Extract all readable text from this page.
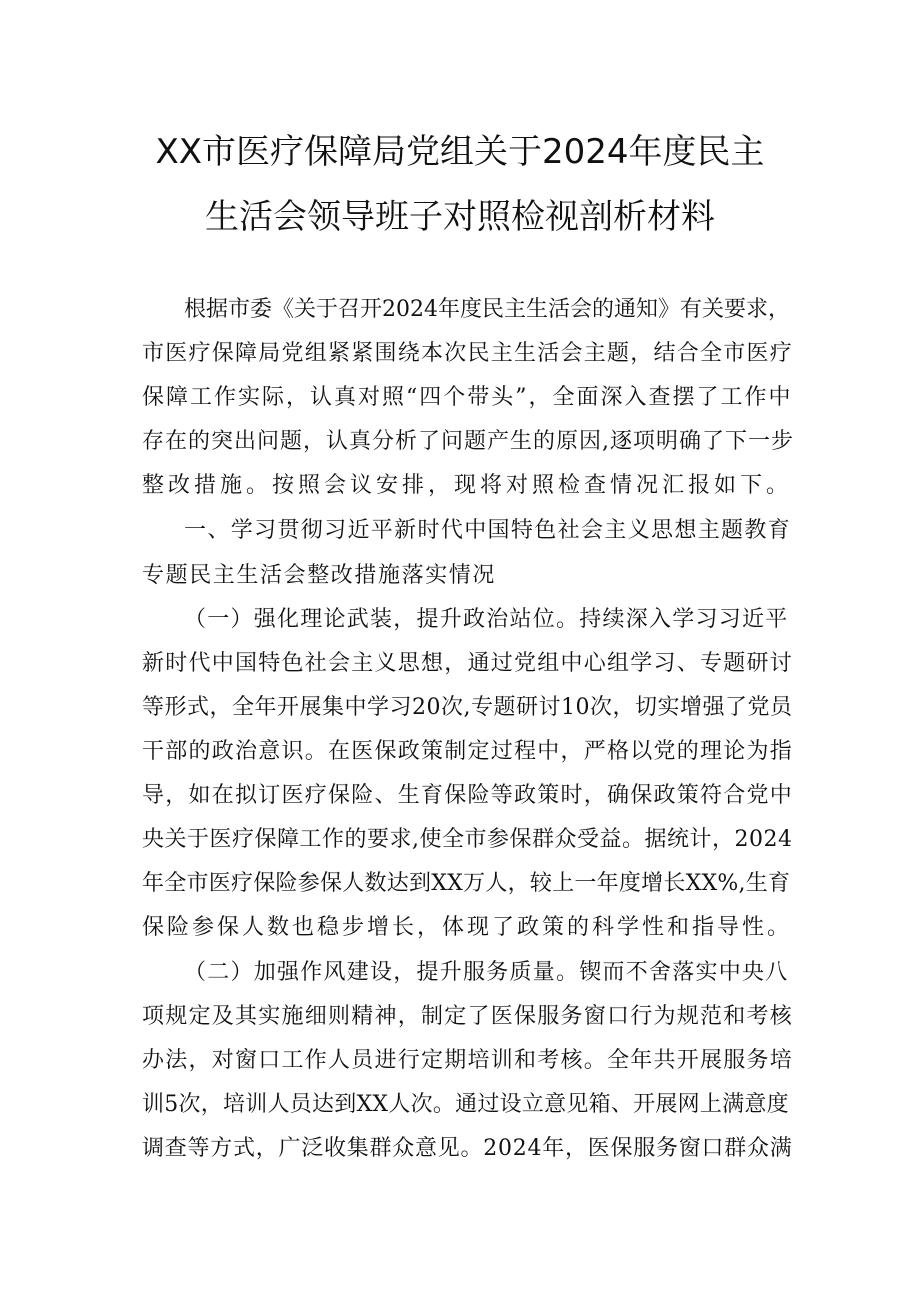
XX市医疗保障局党组关于2024年度民主
生活会领导班子对照检视剖析材料
根据市委《关于召开2024年度民主生活会的通知》有关要求，
市医疗保障局党组紧紧围绕本次民主生活会主题，结合全市医疗
保障工作实际，认真对照“四个带头”，全面深入查摆了工作中
存在的突出问题，认真分析了问题产生的原因,逐项明确了下一步
整改措施。按照会议安排，现将对照检查情况汇报如下。
一、学习贯彻习近平新时代中国特色社会主义思想主题教育
专题民主生活会整改措施落实情况
（一）强化理论武装，提升政治站位。持续深入学习习近平
新时代中国特色社会主义思想，通过党组中心组学习、专题研讨
等形式，全年开展集中学习20次,专题研讨10次，切实增强了党员
干部的政治意识。在医保政策制定过程中，严格以党的理论为指
导，如在拟订医疗保险、生育保险等政策时，确保政策符合党中
央关于医疗保障工作的要求,使全市参保群众受益。据统计，2024
年全市医疗保险参保人数达到XX万人，较上一年度增长XX%,生育
保险参保人数也稳步增长，体现了政策的科学性和指导性。
（二）加强作风建设，提升服务质量。锲而不舍落实中央八
项规定及其实施细则精神，制定了医保服务窗口行为规范和考核
办法，对窗口工作人员进行定期培训和考核。全年共开展服务培
训5次，培训人员达到XX人次。通过设立意见箱、开展网上满意度
调查等方式，广泛收集群众意见。2024年，医保服务窗口群众满
